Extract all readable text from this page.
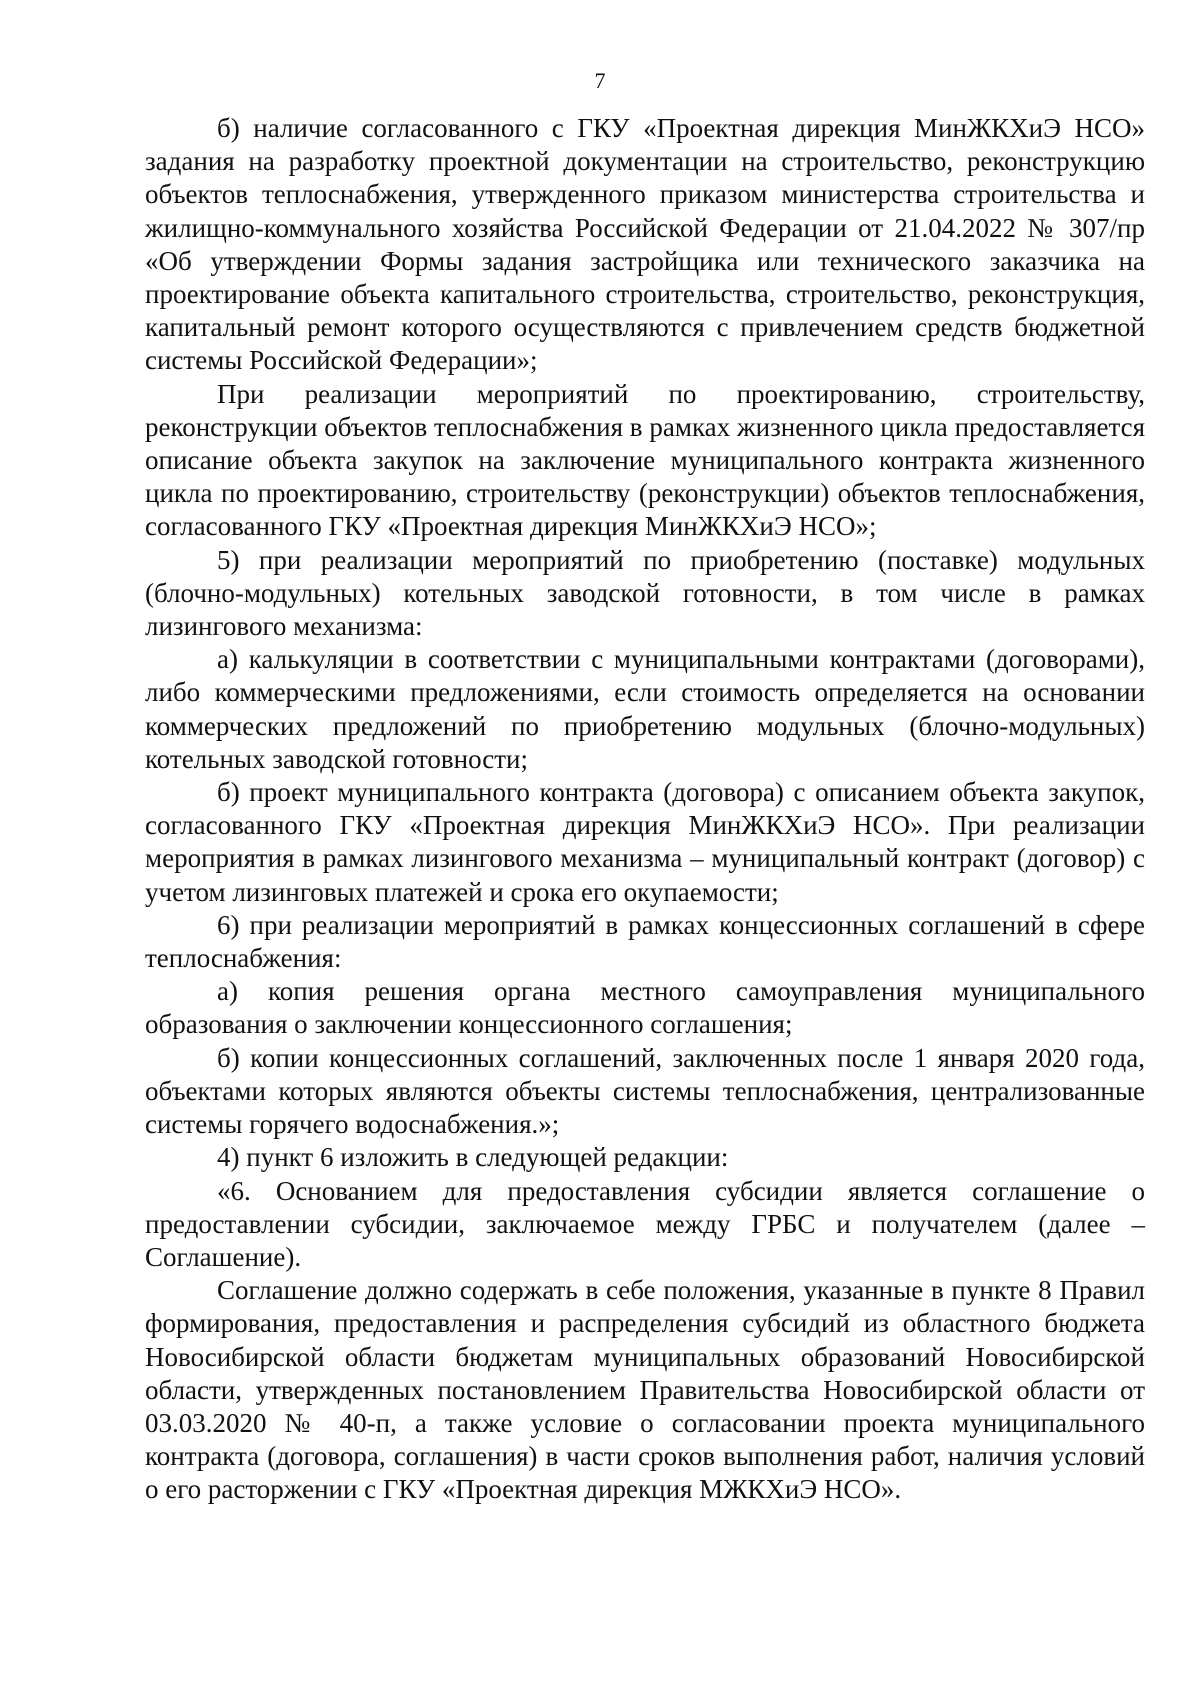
7

б) наличие согласованного с ГКУ «Проектная дирекция МинЖКХиЭ НСО» задания на разработку проектной документации на строительство, реконструкцию объектов теплоснабжения, утвержденного приказом министерства строительства и жилищно-коммунального хозяйства Российской Федерации от 21.04.2022 № 307/пр «Об утверждении Формы задания застройщика или технического заказчика на проектирование объекта капитального строительства, строительство, реконструкция, капитальный ремонт которого осуществляются с привлечением средств бюджетной системы Российской Федерации»;

При реализации мероприятий по проектированию, строительству, реконструкции объектов теплоснабжения в рамках жизненного цикла предоставляется описание объекта закупок на заключение муниципального контракта жизненного цикла по проектированию, строительству (реконструкции) объектов теплоснабжения, согласованного ГКУ «Проектная дирекция МинЖКХиЭ НСО»;

5) при реализации мероприятий по приобретению (поставке) модульных (блочно-модульных) котельных заводской готовности, в том числе в рамках лизингового механизма:

а) калькуляции в соответствии с муниципальными контрактами (договорами), либо коммерческими предложениями, если стоимость определяется на основании коммерческих предложений по приобретению модульных (блочно-модульных) котельных заводской готовности;

б) проект муниципального контракта (договора) с описанием объекта закупок, согласованного ГКУ «Проектная дирекция МинЖКХиЭ НСО». При реализации мероприятия в рамках лизингового механизма – муниципальный контракт (договор) с учетом лизинговых платежей и срока его окупаемости;

6) при реализации мероприятий в рамках концессионных соглашений в сфере теплоснабжения:

а) копия решения органа местного самоуправления муниципального образования о заключении концессионного соглашения;

б) копии концессионных соглашений, заключенных после 1 января 2020 года, объектами которых являются объекты системы теплоснабжения, централизованные системы горячего водоснабжения.»;

4) пункт 6 изложить в следующей редакции:

«6. Основанием для предоставления субсидии является соглашение о предоставлении субсидии, заключаемое между ГРБС и получателем (далее – Соглашение).

Соглашение должно содержать в себе положения, указанные в пункте 8 Правил формирования, предоставления и распределения субсидий из областного бюджета Новосибирской области бюджетам муниципальных образований Новосибирской области, утвержденных постановлением Правительства Новосибирской области от 03.03.2020 № 40-п, а также условие о согласовании проекта муниципального контракта (договора, соглашения) в части сроков выполнения работ, наличия условий о его расторжении с ГКУ «Проектная дирекция МЖКХиЭ НСО».
